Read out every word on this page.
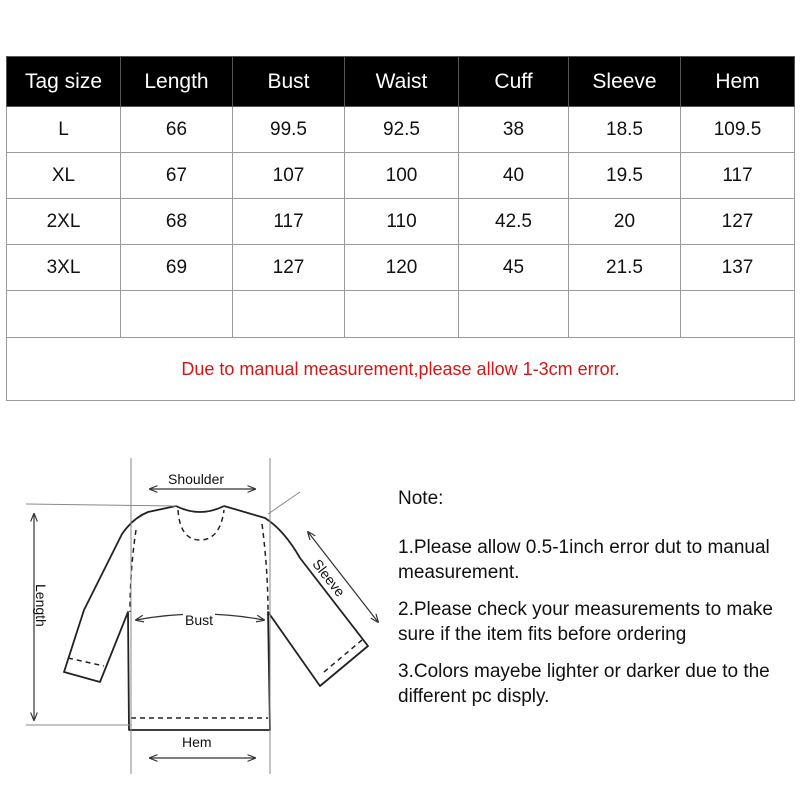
Tag size	Length	Bust	Waist	Cuff	Sleeve	Hem
L	66	99.5	92.5	38	18.5	109.5
XL	67	107	100	40	19.5	117
2XL	68	117	110	42.5	20	127
3XL	69	127	120	45	21.5	137

Due to manual measurement,please allow 1-3cm error.						
Shoulder
Length
Sleeve
Bust
Hem
Note:

1.Please allow 0.5-1inch error dut to manual measurement.

2.Please check your measurements to make sure if the item fits before ordering

3.Colors mayebe lighter or darker due to the different pc disply.
